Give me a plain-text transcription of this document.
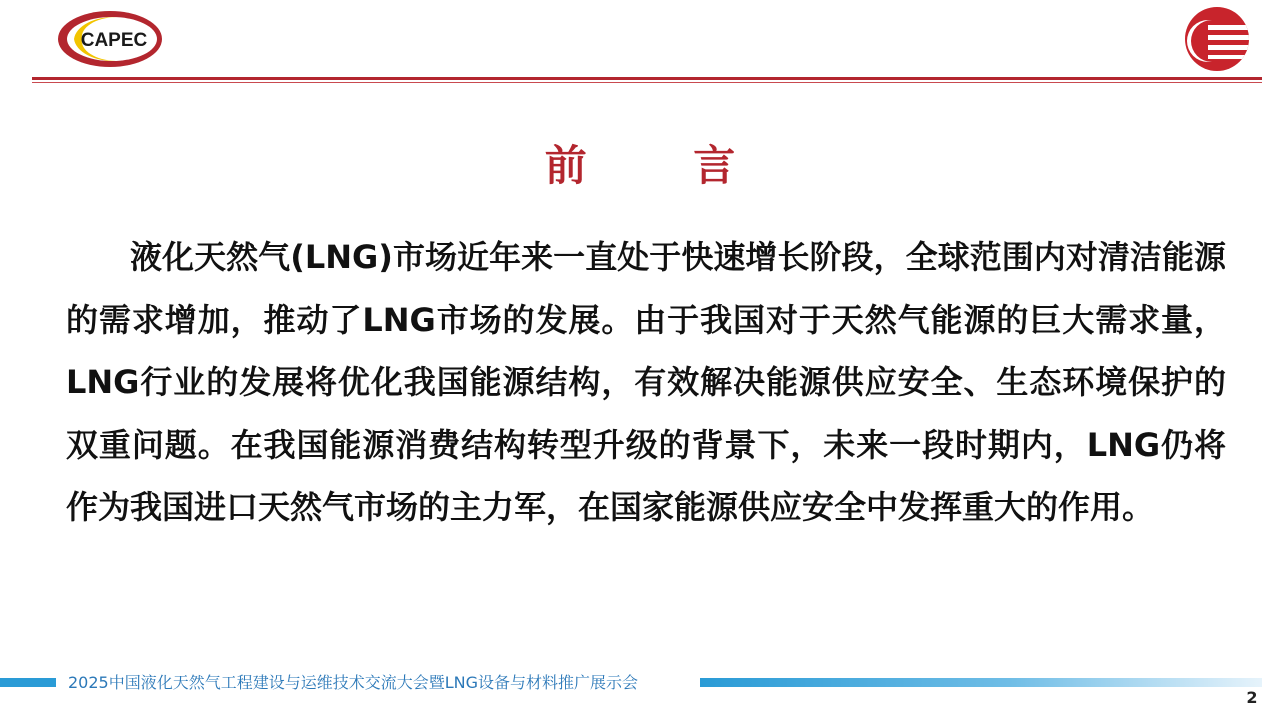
CAPEC
前 言
液化天然气(LNG)市场近年来一直处于快速增长阶段，全球范围内对清洁能源的需求增加，推动了LNG市场的发展。由于我国对于天然气能源的巨大需求量，LNG行业的发展将优化我国能源结构，有效解决能源供应安全、生态环境保护的双重问题。在我国能源消费结构转型升级的背景下，未来一段时期内，LNG仍将作为我国进口天然气市场的主力军，在国家能源供应安全中发挥重大的作用。
2025中国液化天然气工程建设与运维技术交流大会暨LNG设备与材料推广展示会
2
